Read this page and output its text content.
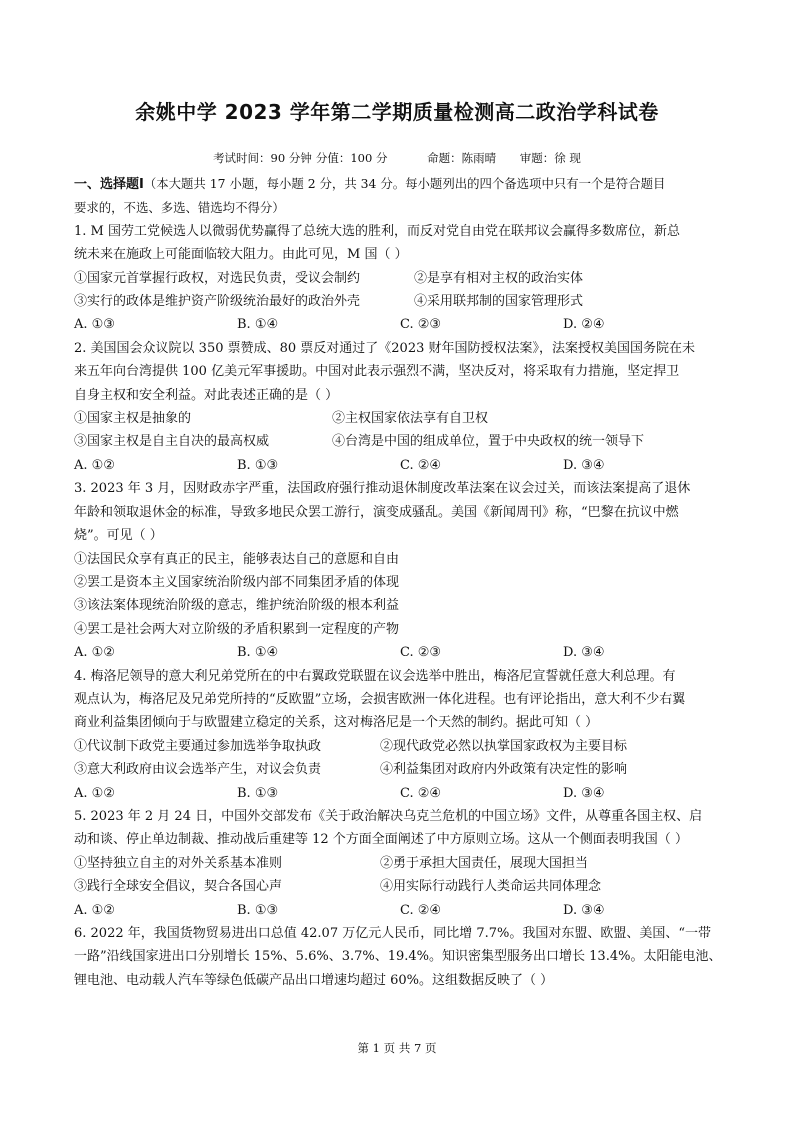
余姚中学 2023 学年第二学期质量检测高二政治学科试卷
考试时间：90 分钟 分值：100 分	命题：陈雨晴 审题：徐 现

一、选择题Ⅰ（本大题共 17 小题，每小题 2 分，共 34 分。每小题列出的四个备选项中只有一个是符合题目

要求的，不选、多选、错选均不得分）

1. M 国劳工党候选人以微弱优势赢得了总统大选的胜利，而反对党自由党在联邦议会赢得多数席位，新总

统未来在施政上可能面临较大阻力。由此可见，M 国（ ）

①国家元首掌握行政权，对选民负责，受议会制约	②是享有相对主权的政治实体
③实行的政体是维护资产阶级统治最好的政治外壳	④采用联邦制的国家管理形式
A. ①③	B. ①④	C. ②③	D. ②④

2. 美国国会众议院以 350 票赞成、80 票反对通过了《2023 财年国防授权法案》，法案授权美国国务院在未

来五年向台湾提供 100 亿美元军事援助。中国对此表示强烈不满，坚决反对，将采取有力措施，坚定捍卫

自身主权和安全利益。对此表述正确的是（ ）

①国家主权是抽象的	②主权国家依法享有自卫权
③国家主权是自主自决的最高权威	④台湾是中国的组成单位，置于中央政权的统一领导下
A. ①②	B. ①③	C. ②④	D. ③④

3. 2023 年 3 月，因财政赤字严重，法国政府强行推动退休制度改革法案在议会过关，而该法案提高了退休

年龄和领取退休金的标准，导致多地民众罢工游行，演变成骚乱。美国《新闻周刊》称，“巴黎在抗议中燃

烧”。可见（ ）

①法国民众享有真正的民主，能够表达自己的意愿和自由

②罢工是资本主义国家统治阶级内部不同集团矛盾的体现

③该法案体现统治阶级的意志，维护统治阶级的根本利益

④罢工是社会两大对立阶级的矛盾积累到一定程度的产物

A. ①②	B. ①④	C. ②③	D. ③④

4. 梅洛尼领导的意大利兄弟党所在的中右翼政党联盟在议会选举中胜出，梅洛尼宣誓就任意大利总理。有

观点认为，梅洛尼及兄弟党所持的“反欧盟”立场，会损害欧洲一体化进程。也有评论指出，意大利不少右翼

商业利益集团倾向于与欧盟建立稳定的关系，这对梅洛尼是一个天然的制约。据此可知（ ）

①代议制下政党主要通过参加选举争取执政	②现代政党必然以执掌国家政权为主要目标
③意大利政府由议会选举产生，对议会负责	④利益集团对政府内外政策有决定性的影响
A. ①②	B. ①③	C. ②④	D. ③④

5. 2023 年 2 月 24 日，中国外交部发布《关于政治解决乌克兰危机的中国立场》文件，从尊重各国主权、启

动和谈、停止单边制裁、推动战后重建等 12 个方面全面阐述了中方原则立场。这从一个侧面表明我国（ ）

①坚持独立自主的对外关系基本准则	②勇于承担大国责任，展现大国担当
③践行全球安全倡议，契合各国心声	④用实际行动践行人类命运共同体理念
A. ①②	B. ①③	C. ②④	D. ③④

6. 2022 年，我国货物贸易进出口总值 42.07 万亿元人民币，同比增 7.7%。我国对东盟、欧盟、美国、“一带

一路”沿线国家进出口分别增长 15%、5.6%、3.7%、19.4%。知识密集型服务出口增长 13.4%。太阳能电池、

锂电池、电动载人汽车等绿色低碳产品出口增速均超过 60%。这组数据反映了（ ）

第 1 页 共 7 页
